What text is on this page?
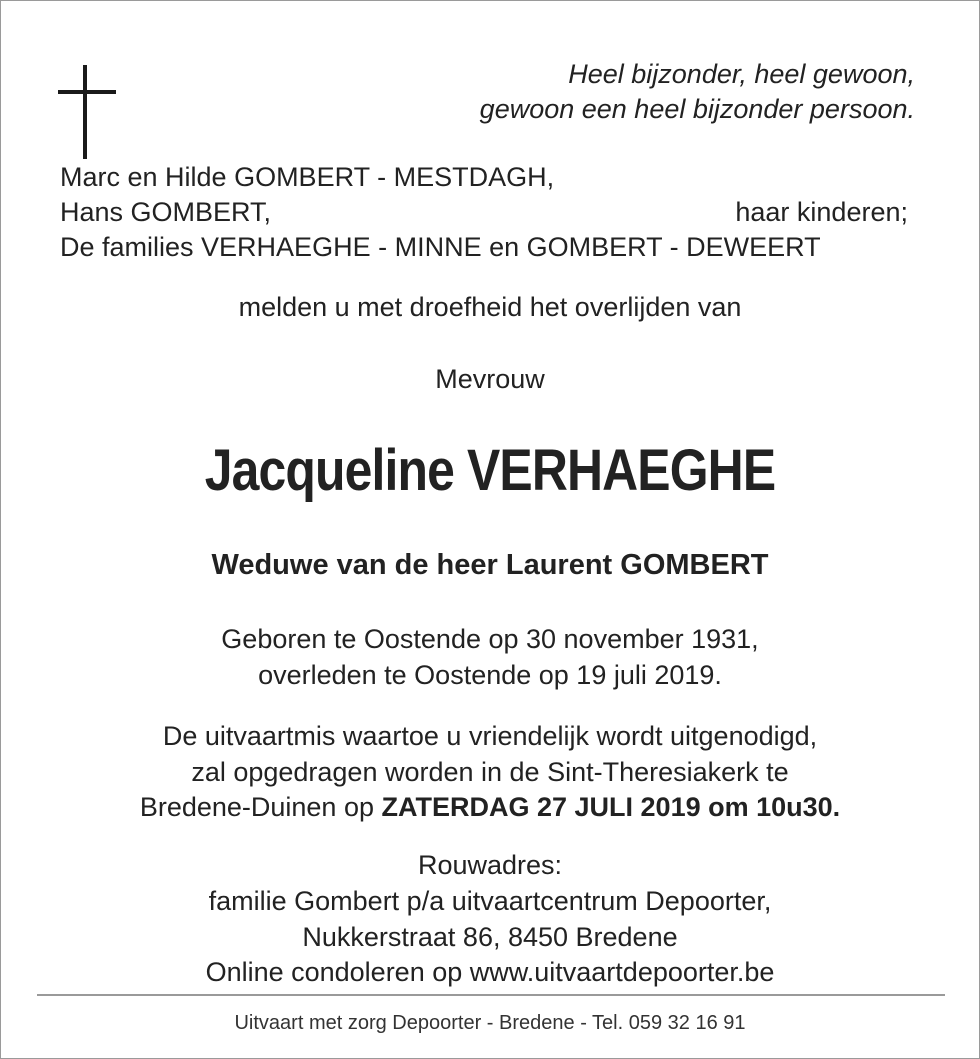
Heel bijzonder, heel gewoon,
gewoon een heel bijzonder persoon.
Marc en Hilde GOMBERT - MESTDAGH,
Hans GOMBERT,	haar kinderen;
De families VERHAEGHE - MINNE en GOMBERT - DEWEERT
melden u met droefheid het overlijden van
Mevrouw
Jacqueline VERHAEGHE
Weduwe van de heer Laurent GOMBERT
Geboren te Oostende op 30 november 1931,
overleden te Oostende op 19 juli 2019.
De uitvaartmis waartoe u vriendelijk wordt uitgenodigd,
zal opgedragen worden in de Sint-Theresiakerk te
Bredene-Duinen op ZATERDAG 27 JULI 2019 om 10u30.
Rouwadres:
familie Gombert p/a uitvaartcentrum Depoorter,
Nukkerstraat 86, 8450 Bredene
Online condoleren op www.uitvaartdepoorter.be
Uitvaart met zorg Depoorter - Bredene - Tel. 059 32 16 91
